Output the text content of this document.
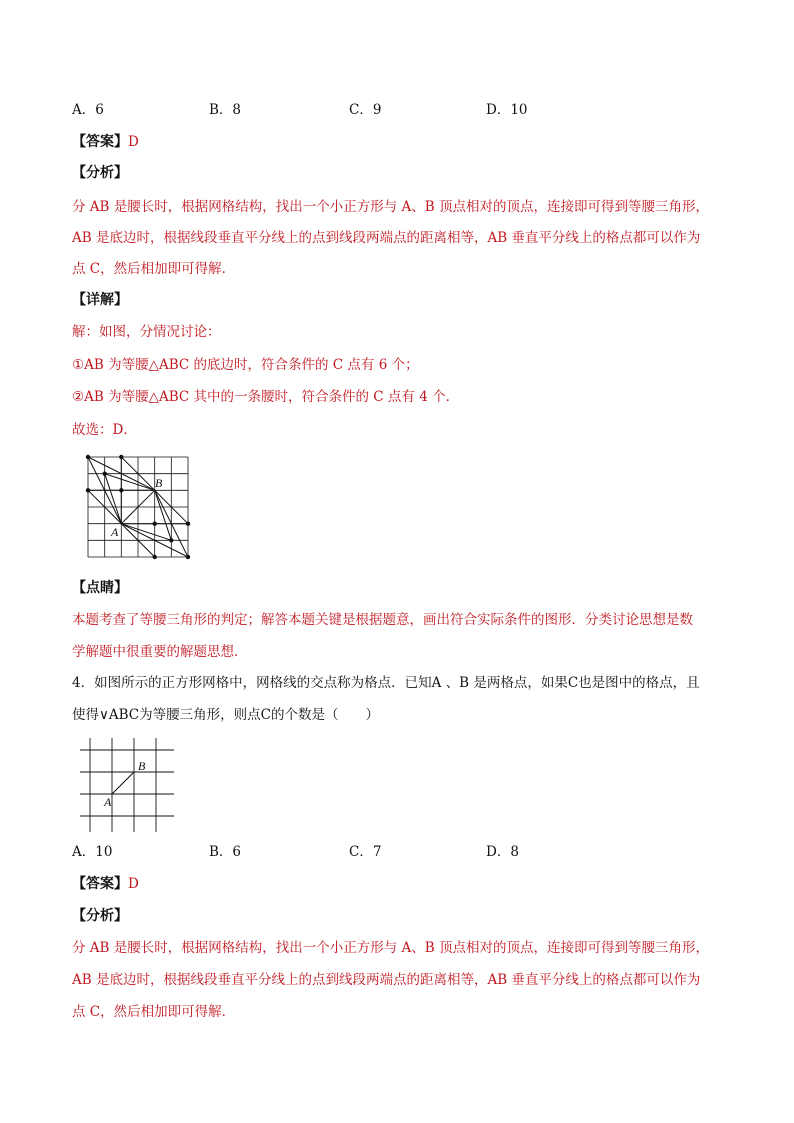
A．6	B．8	C．9	D．10
【答案】D
【分析】
分 AB 是腰长时，根据网格结构，找出一个小正方形与 A、B 顶点相对的顶点，连接即可得到等腰三角形，
AB 是底边时，根据线段垂直平分线上的点到线段两端点的距离相等，AB 垂直平分线上的格点都可以作为
点 C，然后相加即可得解．
【详解】
解：如图，分情况讨论：
①AB 为等腰△ABC 的底边时，符合条件的 C 点有 6 个；
②AB 为等腰△ABC 其中的一条腰时，符合条件的 C 点有 4 个．
故选：D．
B
A
【点睛】
本题考查了等腰三角形的判定；解答本题关键是根据题意，画出符合实际条件的图形．分类讨论思想是数
学解题中很重要的解题思想．
4．如图所示的正方形网格中，网格线的交点称为格点．已知A 、B 是两格点，如果C也是图中的格点，且
使得∨ABC为等腰三角形，则点C的个数是（　　）
B
A
A．10	B．6	C．7	D．8
【答案】D
【分析】
分 AB 是腰长时，根据网格结构，找出一个小正方形与 A、B 顶点相对的顶点，连接即可得到等腰三角形，
AB 是底边时，根据线段垂直平分线上的点到线段两端点的距离相等，AB 垂直平分线上的格点都可以作为
点 C，然后相加即可得解．
